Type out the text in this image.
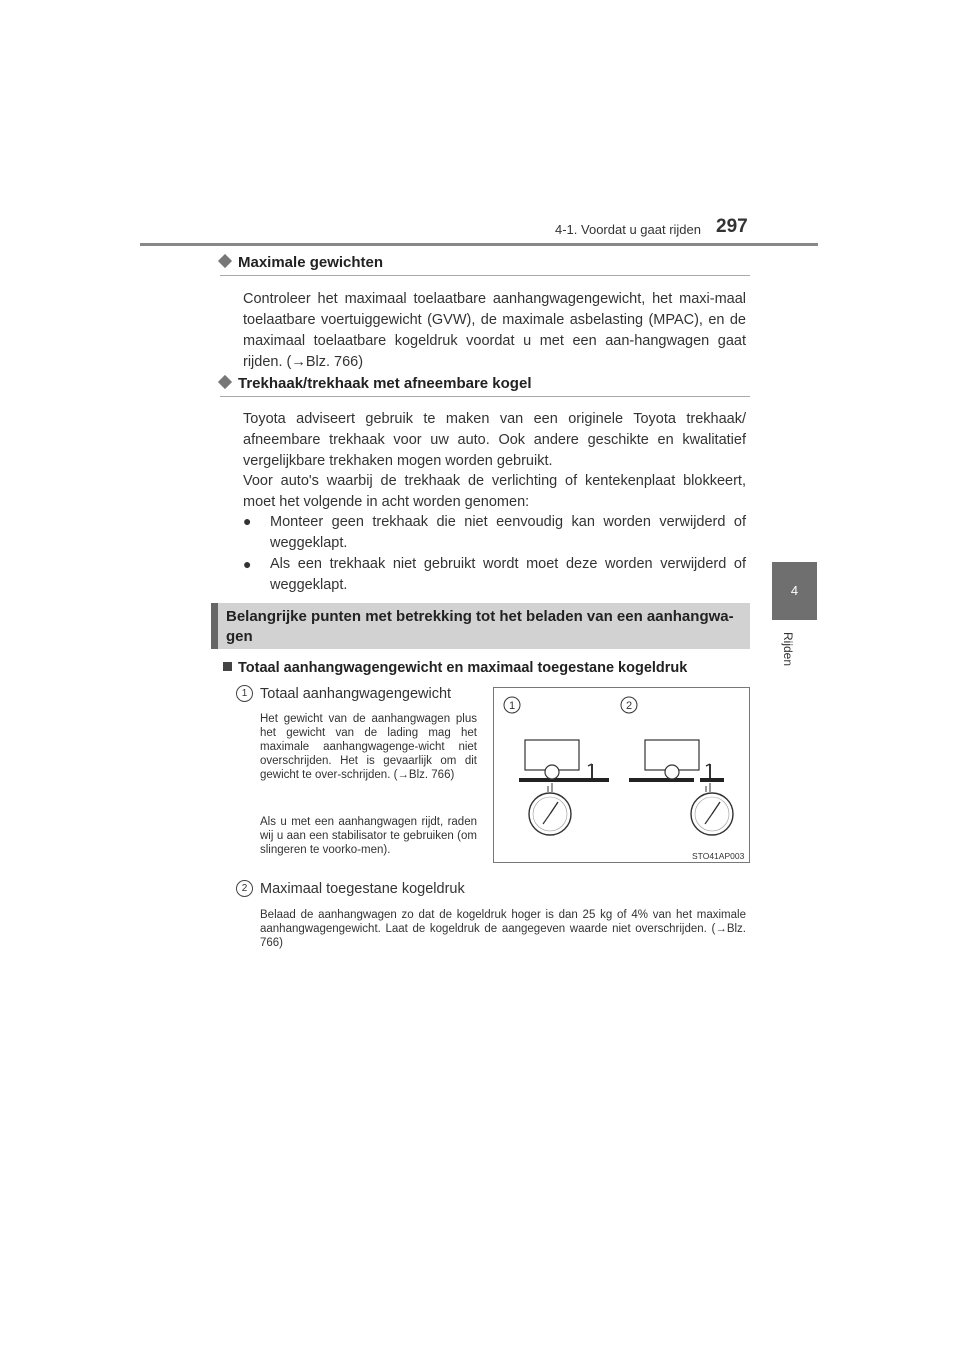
4-1. Voordat u gaat rijden 297
4
Rijden
Maximale gewichten

Controleer het maximaal toelaatbare aanhangwagengewicht, het maxi-maal toelaatbare voertuiggewicht (GVW), de maximale asbelasting (MPAC), en de maximaal toelaatbare kogeldruk voordat u met een aan-hangwagen gaat rijden. (→Blz. 766)

Trekhaak/trekhaak met afneembare kogel

Toyota adviseert gebruik te maken van een originele Toyota trekhaak/ afneembare trekhaak voor uw auto. Ook andere geschikte en kwalitatief vergelijkbare trekhaken mogen worden gebruikt.

Voor auto's waarbij de trekhaak de verlichting of kentekenplaat blokkeert, moet het volgende in acht worden genomen:

● Monteer geen trekhaak die niet eenvoudig kan worden verwijderd of weggeklapt.

● Als een trekhaak niet gebruikt wordt moet deze worden verwijderd of weggeklapt.

Belangrijke punten met betrekking tot het beladen van een aanhangwa-gen
Totaal aanhangwagengewicht en maximaal toegestane kogeldruk
1 Totaal aanhangwagengewicht

Het gewicht van de aanhangwagen plus het gewicht van de lading mag het maximale aanhangwagenge-wicht niet overschrijden. Het is gevaarlijk om dit gewicht te over-schrijden. (→Blz. 766)

Als u met een aanhangwagen rijdt, raden wij u aan een stabilisator te gebruiken (om slingeren te voorko-men).

2 Maximaal toegestane kogeldruk

Belaad de aanhangwagen zo dat de kogeldruk hoger is dan 25 kg of 4% van het maximale aanhangwagengewicht. Laat de kogeldruk de aangegeven waarde niet overschrijden. (→Blz. 766)

1	2
STO41AP003
